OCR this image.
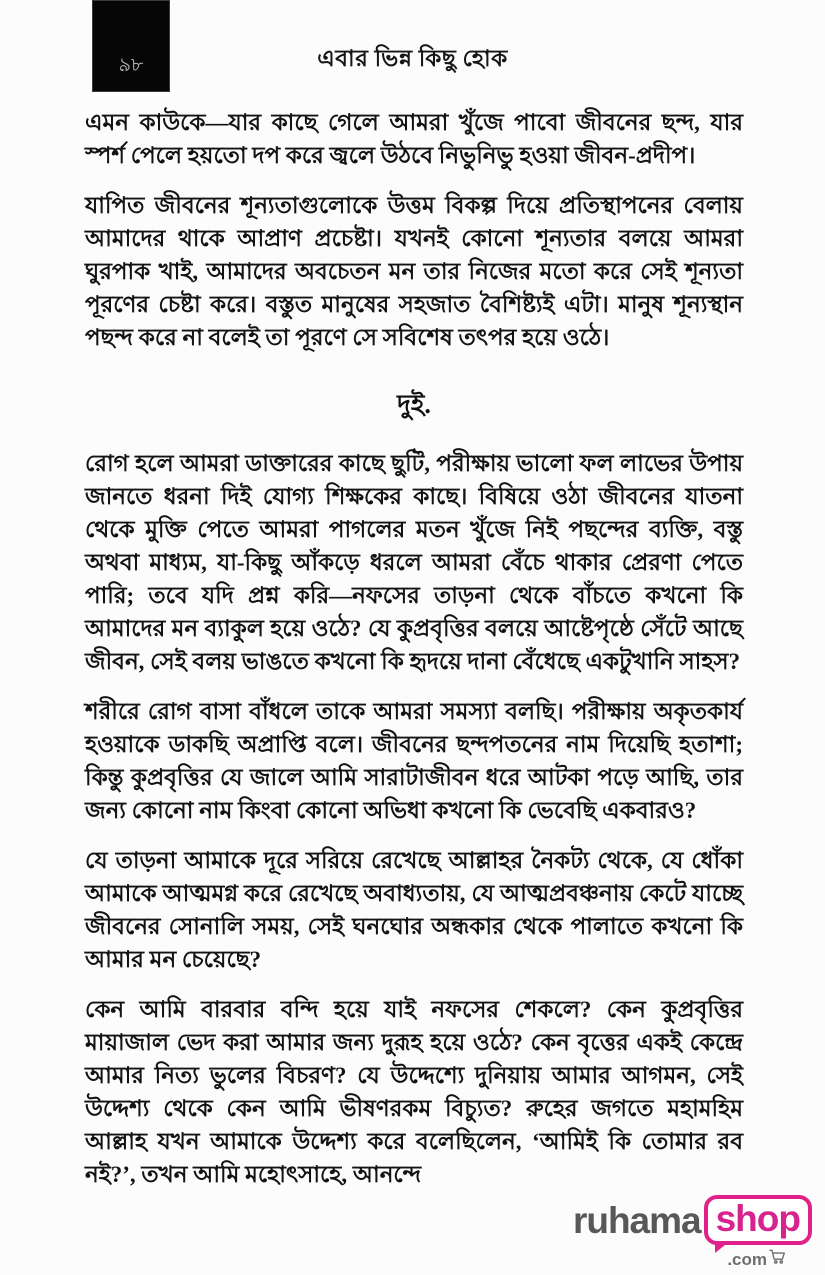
৯৮	এবার ভিন্ন কিছু হোক

এমন কাউকে—যার কাছে গেলে আমরা খুঁজে পাবো জীবনের ছন্দ, যার স্পর্শ পেলে হয়তো দপ করে জ্বলে উঠবে নিভুনিভু হওয়া জীবন-প্রদীপ।

যাপিত জীবনের শূন্যতাগুলোকে উত্তম বিকল্প দিয়ে প্রতিস্থাপনের বেলায় আমাদের থাকে আপ্রাণ প্রচেষ্টা। যখনই কোনো শূন্যতার বলয়ে আমরা ঘুরপাক খাই, আমাদের অবচেতন মন তার নিজের মতো করে সেই শূন্যতা পূরণের চেষ্টা করে। বস্তুত মানুষের সহজাত বৈশিষ্ট্যই এটা। মানুষ শূন্যস্থান পছন্দ করে না বলেই তা পূরণে সে সবিশেষ তৎপর হয়ে ওঠে।

দুই.

রোগ হলে আমরা ডাক্তারের কাছে ছুটি, পরীক্ষায় ভালো ফল লাভের উপায় জানতে ধরনা দিই যোগ্য শিক্ষকের কাছে। বিষিয়ে ওঠা জীবনের যাতনা থেকে মুক্তি পেতে আমরা পাগলের মতন খুঁজে নিই পছন্দের ব্যক্তি, বস্তু অথবা মাধ্যম, যা-কিছু আঁকড়ে ধরলে আমরা বেঁচে থাকার প্রেরণা পেতে পারি; তবে যদি প্রশ্ন করি—নফসের তাড়না থেকে বাঁচতে কখনো কি আমাদের মন ব্যাকুল হয়ে ওঠে? যে কুপ্রবৃত্তির বলয়ে আষ্টেপৃষ্ঠে সেঁটে আছে জীবন, সেই বলয় ভাঙতে কখনো কি হৃদয়ে দানা বেঁধেছে একটুখানি সাহস?

শরীরে রোগ বাসা বাঁধলে তাকে আমরা সমস্যা বলছি। পরীক্ষায় অকৃতকার্য হওয়াকে ডাকছি অপ্রাপ্তি বলে। জীবনের ছন্দপতনের নাম দিয়েছি হতাশা; কিন্তু কুপ্রবৃত্তির যে জালে আমি সারাটাজীবন ধরে আটকা পড়ে আছি, তার জন্য কোনো নাম কিংবা কোনো অভিধা কখনো কি ভেবেছি একবারও?

যে তাড়না আমাকে দূরে সরিয়ে রেখেছে আল্লাহর নৈকট্য থেকে, যে ধোঁকা আমাকে আত্মমগ্ন করে রেখেছে অবাধ্যতায়, যে আত্মপ্রবঞ্চনায় কেটে যাচ্ছে জীবনের সোনালি সময়, সেই ঘনঘোর অন্ধকার থেকে পালাতে কখনো কি আমার মন চেয়েছে?

কেন আমি বারবার বন্দি হয়ে যাই নফসের শেকলে? কেন কুপ্রবৃত্তির মায়াজাল ভেদ করা আমার জন্য দুরূহ হয়ে ওঠে? কেন বৃত্তের একই কেন্দ্রে আমার নিত্য ভুলের বিচরণ? যে উদ্দেশ্যে দুনিয়ায় আমার আগমন, সেই উদ্দেশ্য থেকে কেন আমি ভীষণরকম বিচ্যুত? রুহের জগতে মহামহিম আল্লাহ যখন আমাকে উদ্দেশ্য করে বলেছিলেন, ‘আমিই কি তোমার রব নই?’, তখন আমি মহোৎসাহে, আনন্দে

ruhama shop
.com
